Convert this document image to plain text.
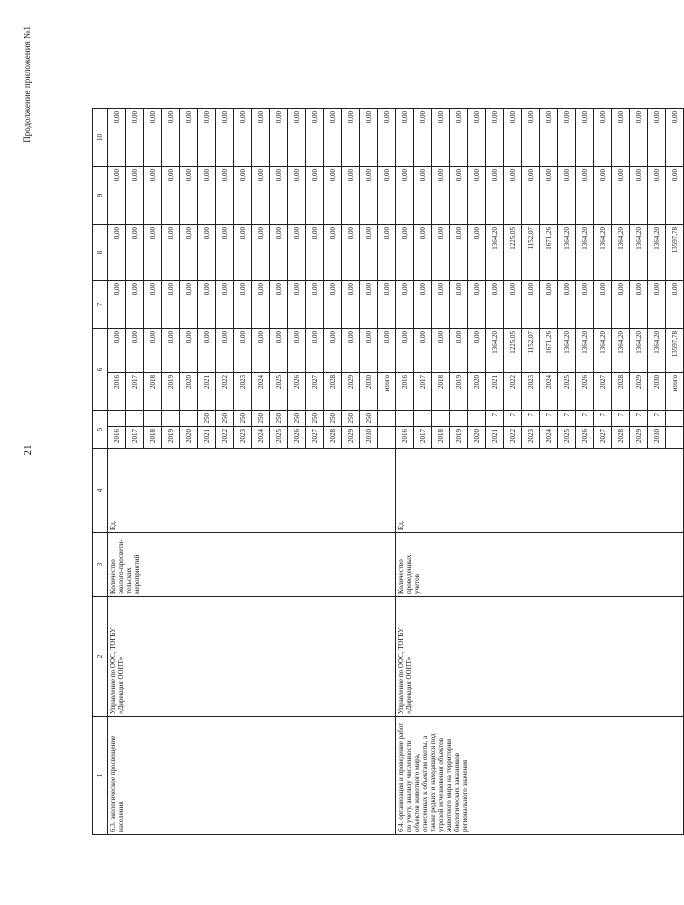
21
Продолжение приложения №1
1	2	3	4	5		6		7	8	9	10
6.3. экологическое просвещение населения	Управление по ООС, ТОГБУ «Дирекция ООПТ»	Количество эколого-просвети-тельских мероприятий	Ед.	2016		2016	0,00	0,00	0,00	0,00	0,00
				2017		2017	0,00	0,00	0,00	0,00	0,00
				2018		2018	0,00	0,00	0,00	0,00	0,00
				2019		2019	0,00	0,00	0,00	0,00	0,00
				2020		2020	0,00	0,00	0,00	0,00	0,00
				2021	250	2021	0,00	0,00	0,00	0,00	0,00
				2022	250	2022	0,00	0,00	0,00	0,00	0,00
				2023	250	2023	0,00	0,00	0,00	0,00	0,00
				2024	250	2024	0,00	0,00	0,00	0,00	0,00
				2025	250	2025	0,00	0,00	0,00	0,00	0,00
				2026	250	2026	0,00	0,00	0,00	0,00	0,00
				2027	250	2027	0,00	0,00	0,00	0,00	0,00
				2028	250	2028	0,00	0,00	0,00	0,00	0,00
				2029	250	2029	0,00	0,00	0,00	0,00	0,00
				2030	250	2030	0,00	0,00	0,00	0,00	0,00
						итого	0,00	0,00	0,00	0,00	0,00
6.4. организация и проведение работ по учету, анализу численности объектов животного мира, отнесенных к объектам охоты, а также редких и находящихся под угрозой исчезновения объектов животного мира на территории биологических заказников регионального значения	Управление по ООС, ТОГБУ «Дирекция ООПТ»	Количество проведенных учетов	Ед.	2016		2016	0,00	0,00	0,00	0,00	0,00
				2017		2017	0,00	0,00	0,00	0,00	0,00
				2018		2018	0,00	0,00	0,00	0,00	0,00
				2019		2019	0,00	0,00	0,00	0,00	0,00
				2020		2020	0,00	0,00	0,00	0,00	0,00
				2021	7	2021	1364,20	0,00	1364,20	0,00	0,00
				2022	7	2022	1225,05	0,00	1225,05	0,00	0,00
				2023	7	2023	1152,07	0,00	1152,07	0,00	0,00
				2024	7	2024	1671,26	0,00	1671,26	0,00	0,00
				2025	7	2025	1364,20	0,00	1364,20	0,00	0,00
				2026	7	2026	1364,20	0,00	1364,20	0,00	0,00
				2027	7	2027	1364,20	0,00	1364,20	0,00	0,00
				2028	7	2028	1364,20	0,00	1364,20	0,00	0,00
				2029	7	2029	1364,20	0,00	1364,20	0,00	0,00
				2030	7	2030	1364,20	0,00	1364,20	0,00	0,00
						итого	13597,78	0,00	13597,78	0,00	0,00
